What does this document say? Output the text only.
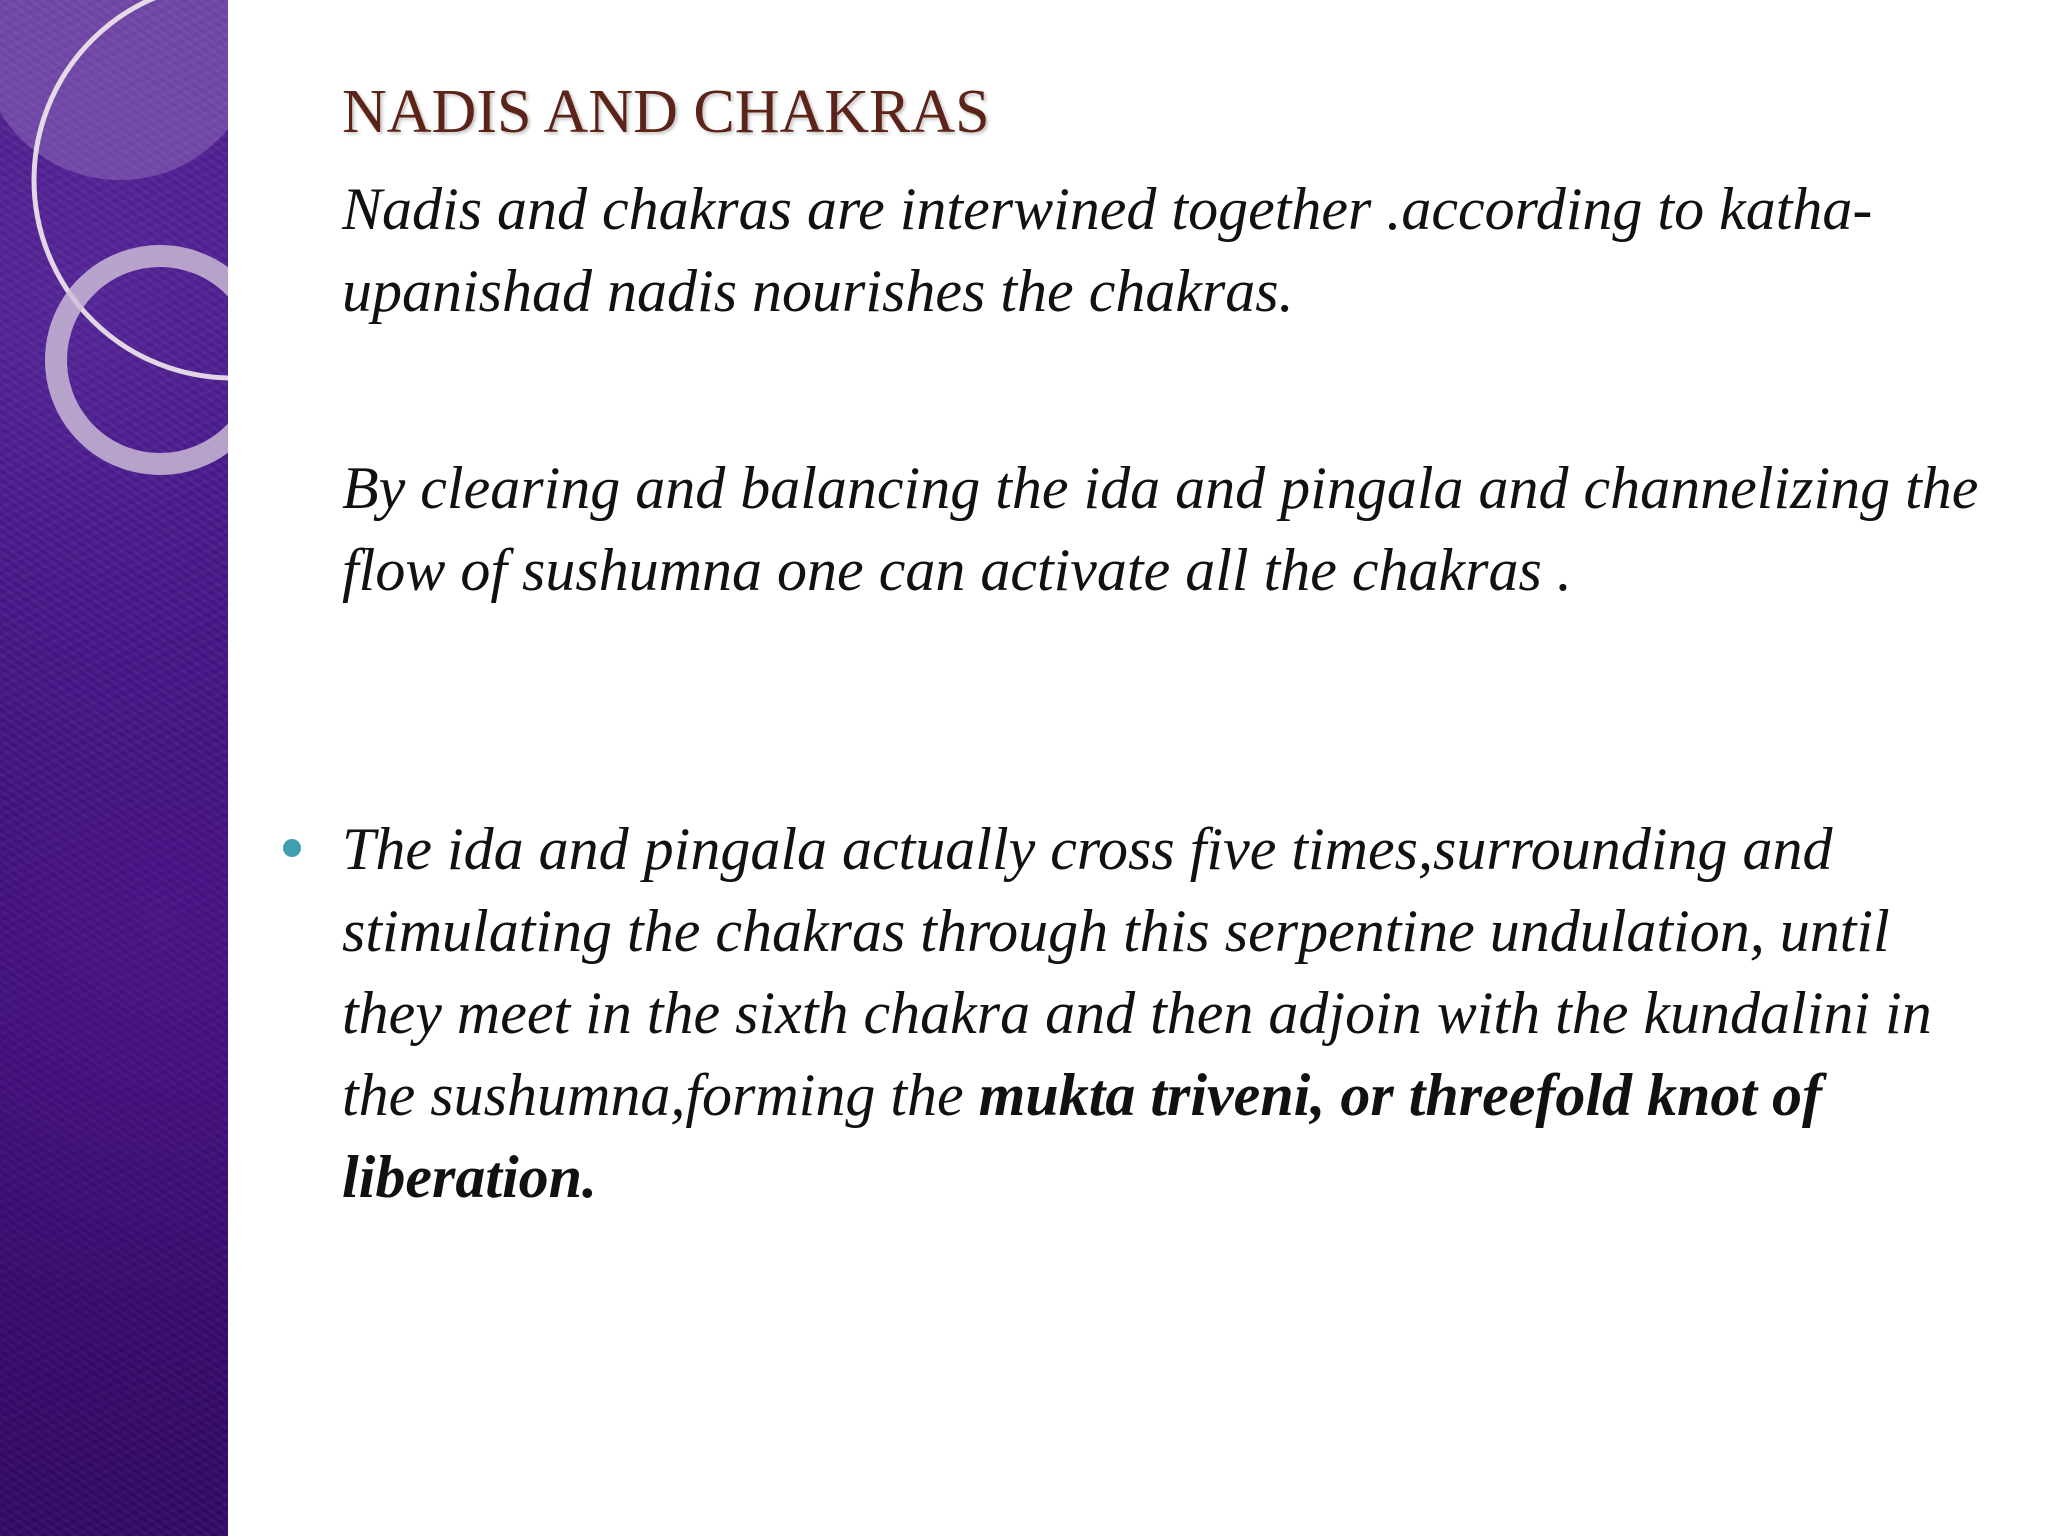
NADIS AND CHAKRAS

Nadis and chakras are interwined together .according to katha-upanishad nadis nourishes the chakras.

By clearing and balancing the ida and pingala and channelizing the flow of sushumna one can activate all the chakras .

The ida and pingala actually cross five times,surrounding and stimulating the chakras through this serpentine undulation, until they meet in the sixth chakra and then adjoin with the kundalini in the sushumna,forming the mukta triveni, or threefold knot of liberation.
